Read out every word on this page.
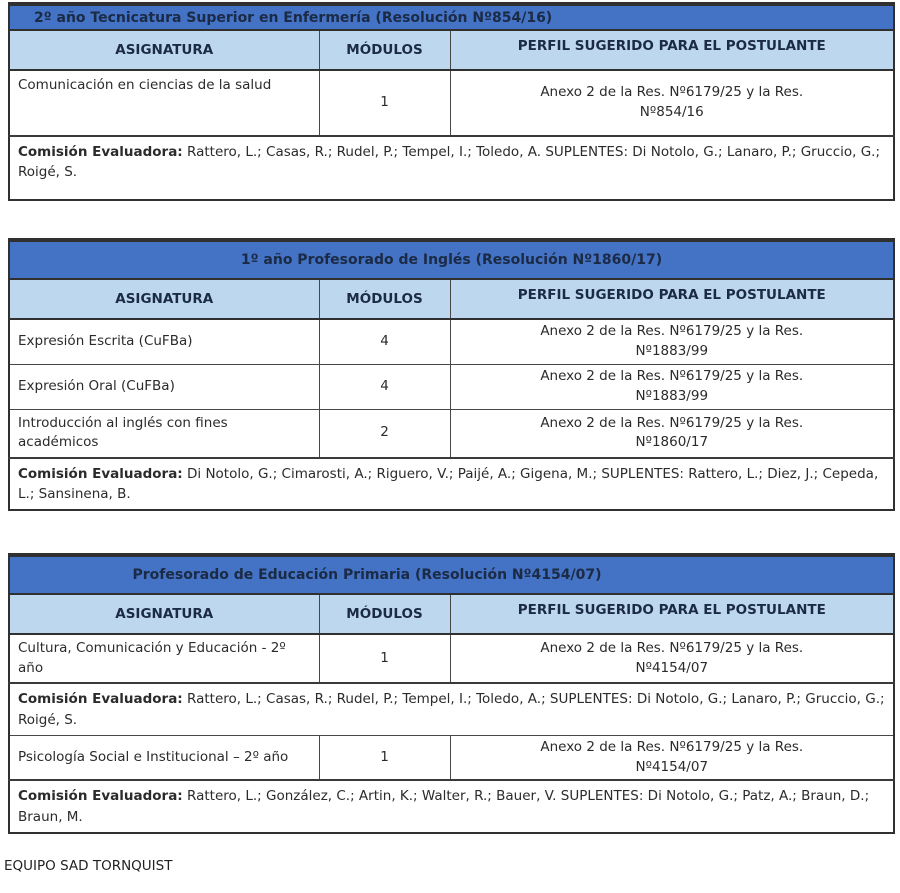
2º año Tecnicatura Superior en Enfermería (Resolución Nº854/16)		
ASIGNATURA	MÓDULOS	PERFIL SUGERIDO PARA EL POSTULANTE
Comunicación en ciencias de la salud	1	Anexo 2 de la Res. Nº6179/25 y la Res.
Nº854/16

Comisión Evaluadora: Rattero, L.; Casas, R.; Rudel, P.; Tempel, I.; Toledo, A. SUPLENTES: Di Notolo, G.; Lanaro, P.; Gruccio, G.; Roigé, S.		
1º año Profesorado de Inglés (Resolución Nº1860/17)		
ASIGNATURA	MÓDULOS	PERFIL SUGERIDO PARA EL POSTULANTE
Expresión Escrita (CuFBa)	4	Anexo 2 de la Res. Nº6179/25 y la Res.
Nº1883/99

Expresión Oral (CuFBa)	4	Anexo 2 de la Res. Nº6179/25 y la Res.
Nº1883/99

Introducción al inglés con fines académicos	2	Anexo 2 de la Res. Nº6179/25 y la Res.
Nº1860/17

Comisión Evaluadora: Di Notolo, G.; Cimarosti, A.; Riguero, V.; Paijé, A.; Gigena, M.; SUPLENTES: Rattero, L.; Diez, J.; Cepeda, L.; Sansinena, B.		
Profesorado de Educación Primaria (Resolución Nº4154/07)		
ASIGNATURA	MÓDULOS	PERFIL SUGERIDO PARA EL POSTULANTE
Cultura, Comunicación y Educación - 2º año	1	Anexo 2 de la Res. Nº6179/25 y la Res.
Nº4154/07

Comisión Evaluadora: Rattero, L.; Casas, R.; Rudel, P.; Tempel, I.; Toledo, A.; SUPLENTES: Di Notolo, G.; Lanaro, P.; Gruccio, G.; Roigé, S.		
Psicología Social e Institucional – 2º año	1	Anexo 2 de la Res. Nº6179/25 y la Res.
Nº4154/07

Comisión Evaluadora: Rattero, L.; González, C.; Artin, K.; Walter, R.; Bauer, V. SUPLENTES: Di Notolo, G.; Patz, A.; Braun, D.; Braun, M.		
EQUIPO SAD TORNQUIST
